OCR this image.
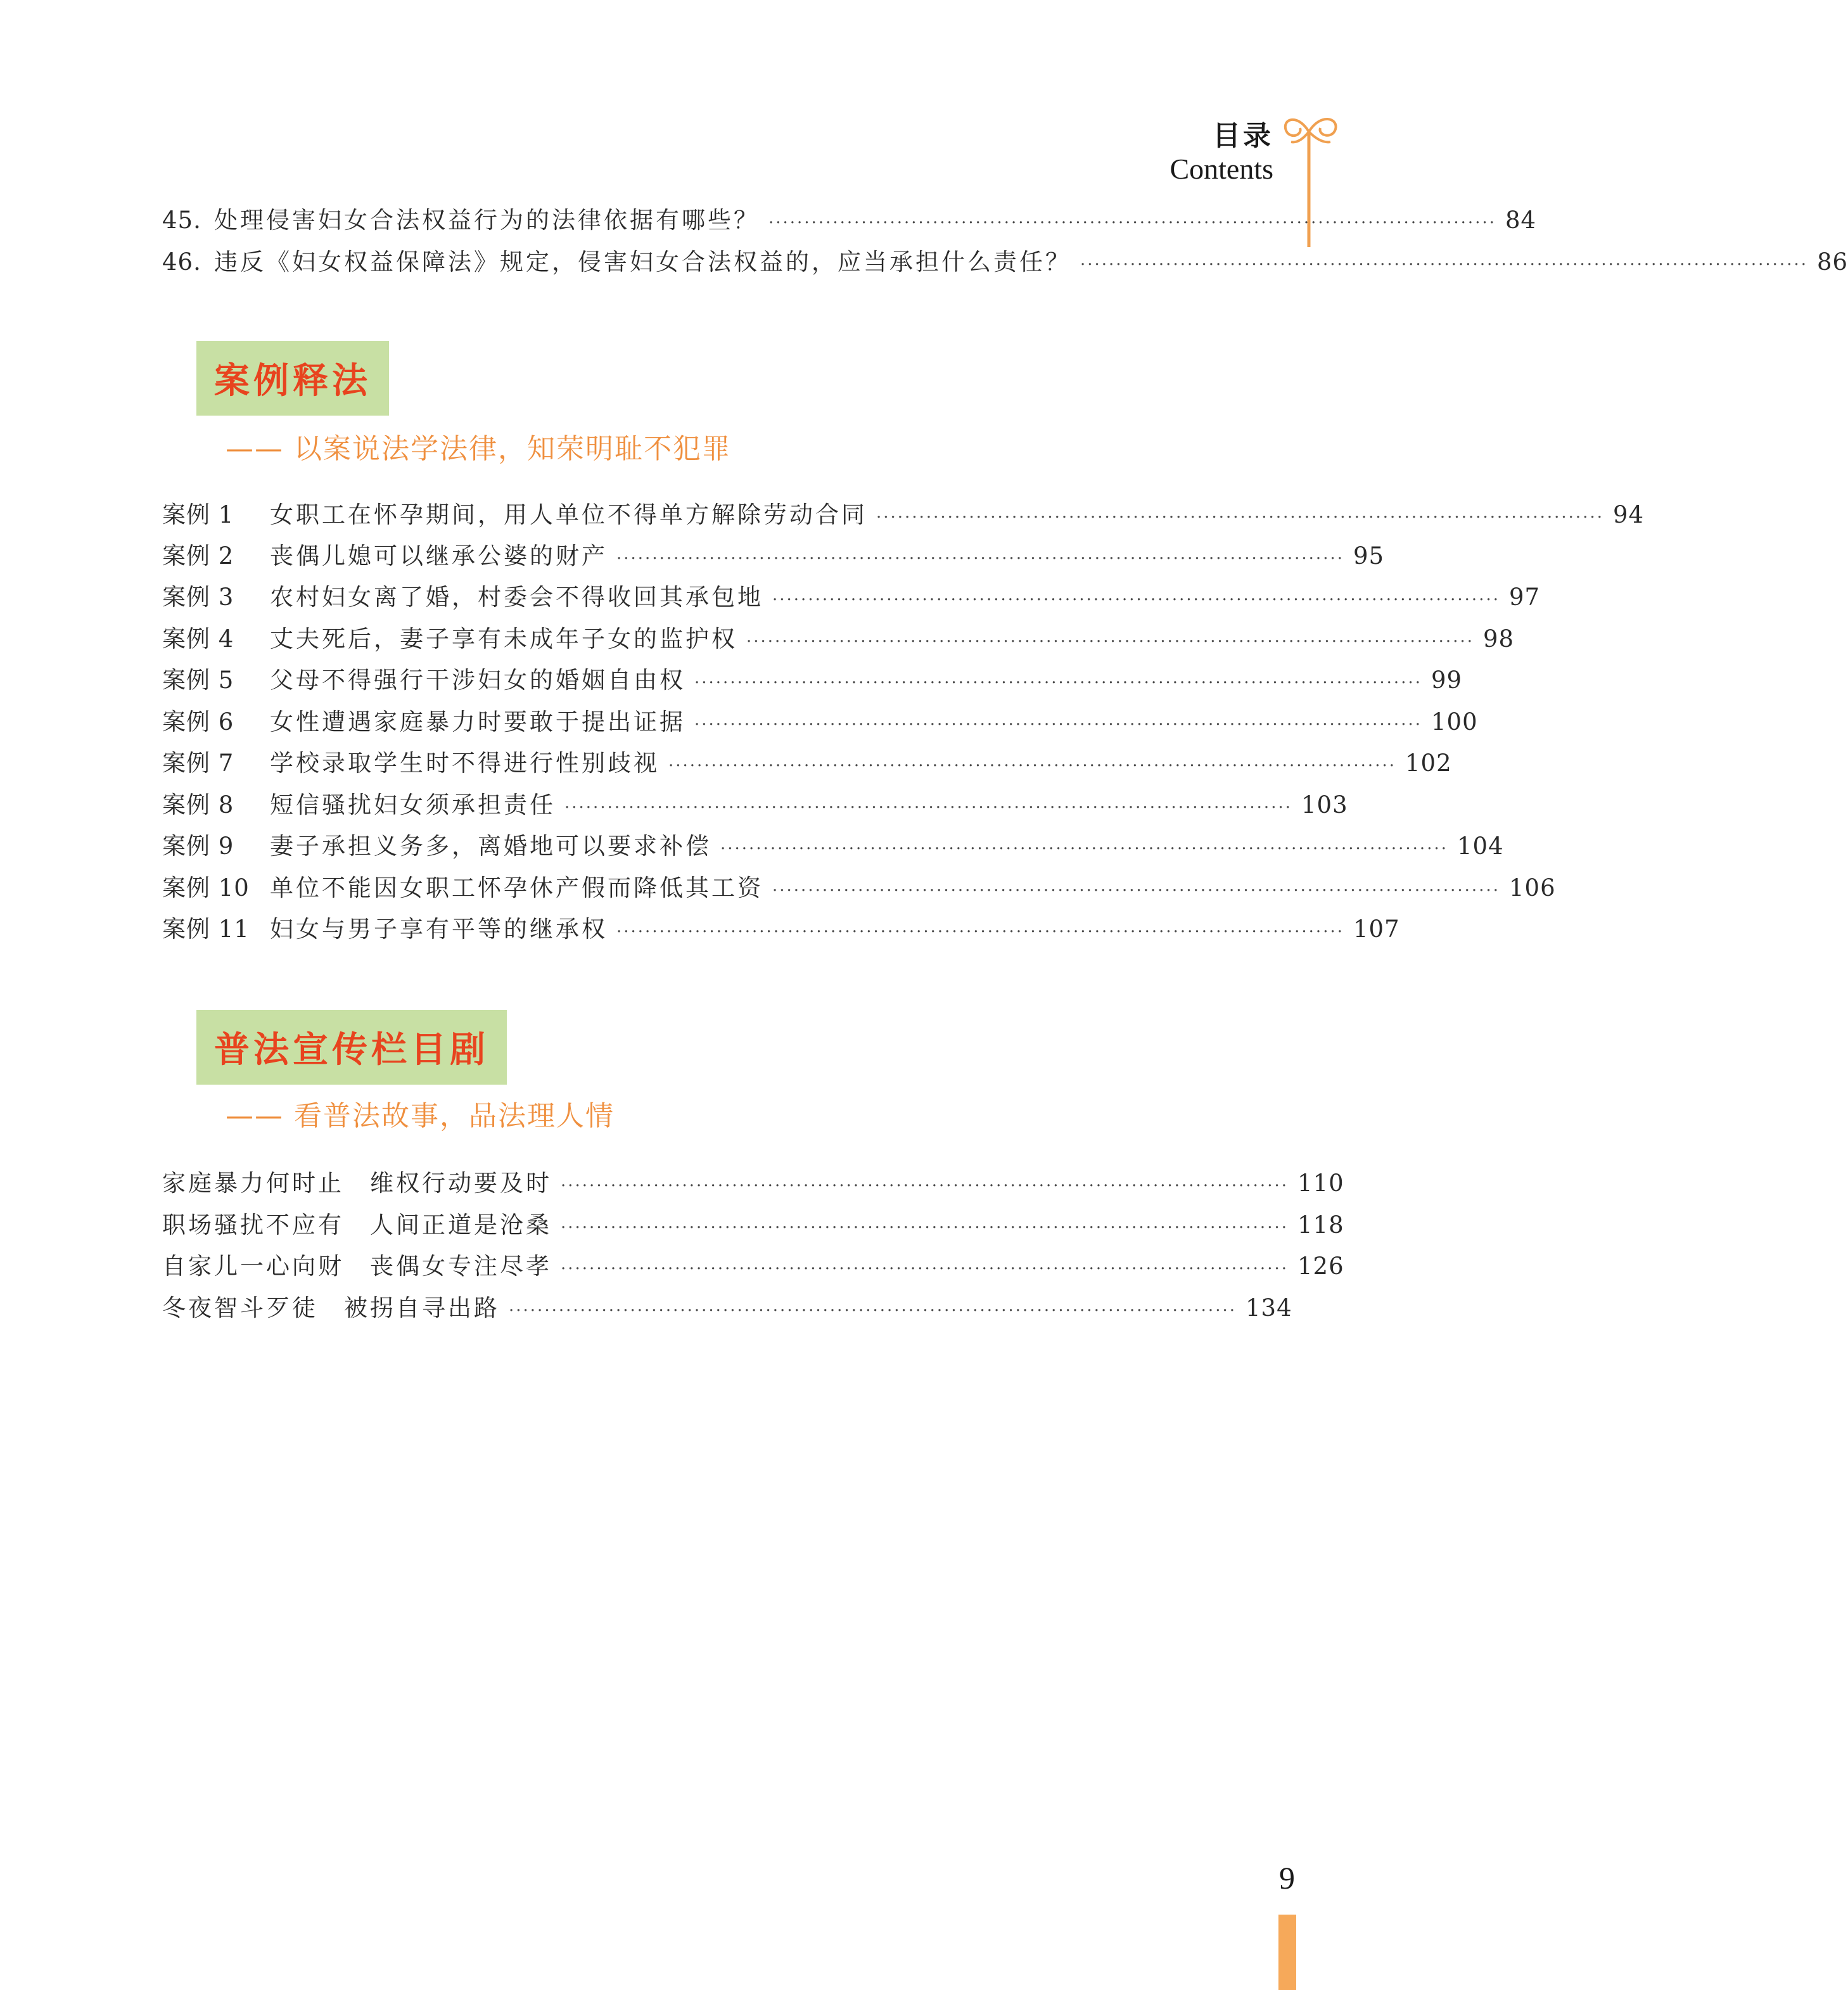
目录
Contents
45. 处理侵害妇女合法权益行为的法律依据有哪些？ ······································································································ 84
46. 违反《妇女权益保障法》规定，侵害妇女合法权益的，应当承担什么责任？ ······································································································ 86
案例释法
—— 以案说法学法律，知荣明耻不犯罪
案例 1	女职工在怀孕期间，用人单位不得单方解除劳动合同 ······································································································ 94
案例 2	丧偶儿媳可以继承公婆的财产 ······································································································ 95
案例 3	农村妇女离了婚，村委会不得收回其承包地 ······································································································ 97
案例 4	丈夫死后，妻子享有未成年子女的监护权 ······································································································ 98
案例 5	父母不得强行干涉妇女的婚姻自由权 ······································································································ 99
案例 6	女性遭遇家庭暴力时要敢于提出证据 ······································································································ 100
案例 7	学校录取学生时不得进行性别歧视 ······································································································ 102
案例 8	短信骚扰妇女须承担责任 ······································································································ 103
案例 9	妻子承担义务多，离婚地可以要求补偿 ······································································································ 104
案例 10 单位不能因女职工怀孕休产假而降低其工资 ······································································································ 106
案例 11 妇女与男子享有平等的继承权 ······································································································ 107
普法宣传栏目剧
—— 看普法故事，品法理人情
家庭暴力何时止　维权行动要及时 ······································································································ 110
职场骚扰不应有　人间正道是沧桑 ······································································································ 118
自家儿一心向财　丧偶女专注尽孝 ······································································································ 126
冬夜智斗歹徒　被拐自寻出路 ······································································································ 134
9
